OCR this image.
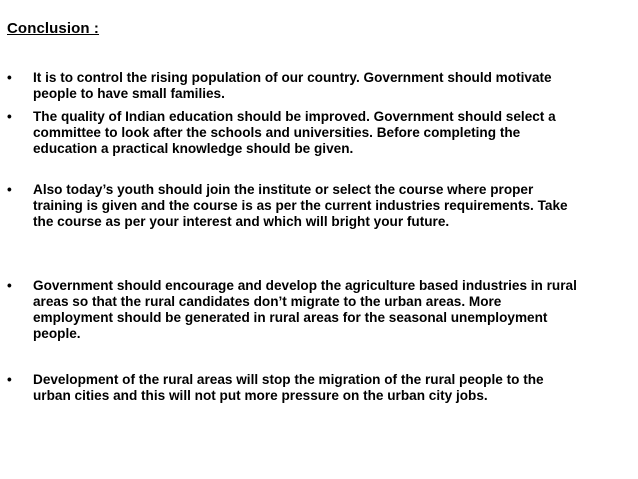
Conclusion :
•	It is to control the rising population of our country. Government should motivate people to have small families.
•	The quality of Indian education should be improved. Government should select a committee to look after the schools and universities. Before completing the education a practical knowledge should be given.
•	Also today’s youth should join the institute or select the course where proper training is given and the course is as per the current industries requirements. Take the course as per your interest and which will bright your future.
•	Government should encourage and develop the agriculture based industries in rural areas so that the rural candidates don’t migrate to the urban areas. More employment should be generated in rural areas for the seasonal unemployment people.
•	Development of the rural areas will stop the migration of the rural people to the urban cities and this will not put more pressure on the urban city jobs.
